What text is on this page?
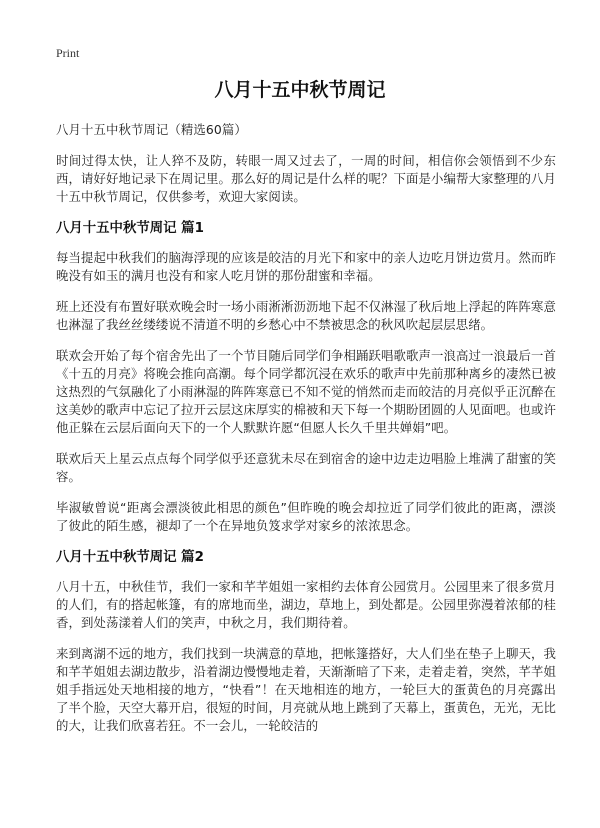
Print
八月十五中秋节周记
八月十五中秋节周记（精选60篇）

时间过得太快，让人猝不及防，转眼一周又过去了，一周的时间，相信你会领悟到不少东西，请好好地记录下在周记里。那么好的周记是什么样的呢？下面是小编帮大家整理的八月十五中秋节周记，仅供参考，欢迎大家阅读。

八月十五中秋节周记 篇1

每当提起中秋我们的脑海浮现的应该是皎洁的月光下和家中的亲人边吃月饼边赏月。然而昨晚没有如玉的满月也没有和家人吃月饼的那份甜蜜和幸福。

班上还没有布置好联欢晚会时一场小雨淅淅沥沥地下起不仅淋湿了秋后地上浮起的阵阵寒意也淋湿了我丝丝缕缕说不清道不明的乡愁心中不禁被思念的秋风吹起层层思绪。

联欢会开始了每个宿舍先出了一个节目随后同学们争相踊跃唱歌歌声一浪高过一浪最后一首《十五的月亮》将晚会推向高潮。每个同学都沉浸在欢乐的歌声中先前那种离乡的凄然已被这热烈的气氛融化了小雨淋湿的阵阵寒意已不知不觉的悄然而走而皎洁的月亮似乎正沉醉在这美妙的歌声中忘记了拉开云层这床厚实的棉被和天下每一个期盼团圆的人见面吧。也或许他正躲在云层后面向天下的一个人默默许愿“但愿人长久千里共婵娟”吧。

联欢后天上星云点点每个同学似乎还意犹未尽在到宿舍的途中边走边唱脸上堆满了甜蜜的笑容。

毕淑敏曾说“距离会漂淡彼此相思的颜色”但昨晚的晚会却拉近了同学们彼此的距离，漂淡了彼此的陌生感，褪却了一个在异地负笈求学对家乡的浓浓思念。

八月十五中秋节周记 篇2

八月十五，中秋佳节，我们一家和芊芊姐姐一家相约去体育公园赏月。公园里来了很多赏月的人们，有的搭起帐篷，有的席地而坐，湖边，草地上，到处都是。公园里弥漫着浓郁的桂香，到处荡漾着人们的笑声，中秋之月，我们期待着。

来到离湖不远的地方，我们找到一块满意的草地，把帐篷搭好，大人们坐在垫子上聊天，我和芊芊姐姐去湖边散步，沿着湖边慢慢地走着，天渐渐暗了下来，走着走着，突然，芊芊姐姐手指远处天地相接的地方，“快看”！在天地相连的地方，一轮巨大的蛋黄色的月亮露出了半个脸，天空大幕开启，很短的时间，月亮就从地上跳到了天幕上，蛋黄色，无光，无比的大，让我们欣喜若狂。不一会儿，一轮皎洁的
